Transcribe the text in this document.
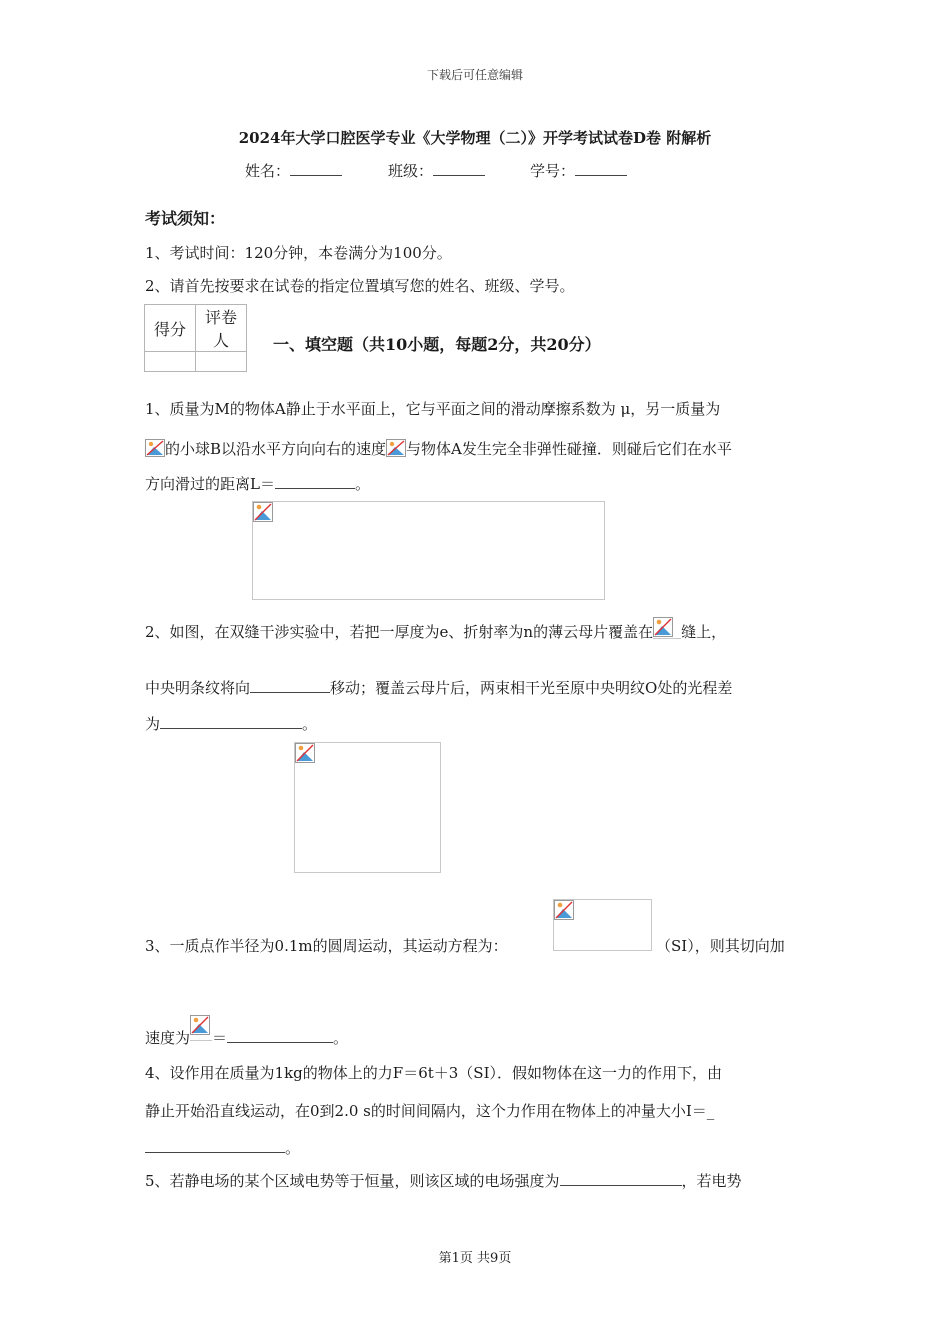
下载后可任意编辑
2024年大学口腔医学专业《大学物理（二）》开学考试试卷D卷 附解析
姓名：	班级：	学号：
考试须知：
1、考试时间：120分钟，本卷满分为100分。
2、请首先按要求在试卷的指定位置填写您的姓名、班级、学号。
得分	评卷人
		一、填空题（共10小题，每题2分，共20分）
1、质量为M的物体A静止于水平面上，它与平面之间的滑动摩擦系数为 μ，另一质量为
的小球B以沿水平方向向右的速度 与物体A发生完全非弹性碰撞．则碰后它们在水平
方向滑过的距离L＝	。
2、如图，在双缝干涉实验中，若把一厚度为e、折射率为n的薄云母片覆盖在 缝上，
中央明条纹将向	移动；覆盖云母片后，两束相干光至原中央明纹O处的光程差
为	。
3、一质点作半径为0.1m的圆周运动，其运动方程为：	（SI），则其切向加
速度为 ＝	。
4、设作用在质量为1kg的物体上的力F＝6t＋3（SI）．假如物体在这一力的作用下，由
静止开始沿直线运动，在0到2.0 s的时间间隔内，这个力作用在物体上的冲量大小I＝_
。
5、若静电场的某个区域电势等于恒量，则该区域的电场强度为	，若电势
第1页 共9页
